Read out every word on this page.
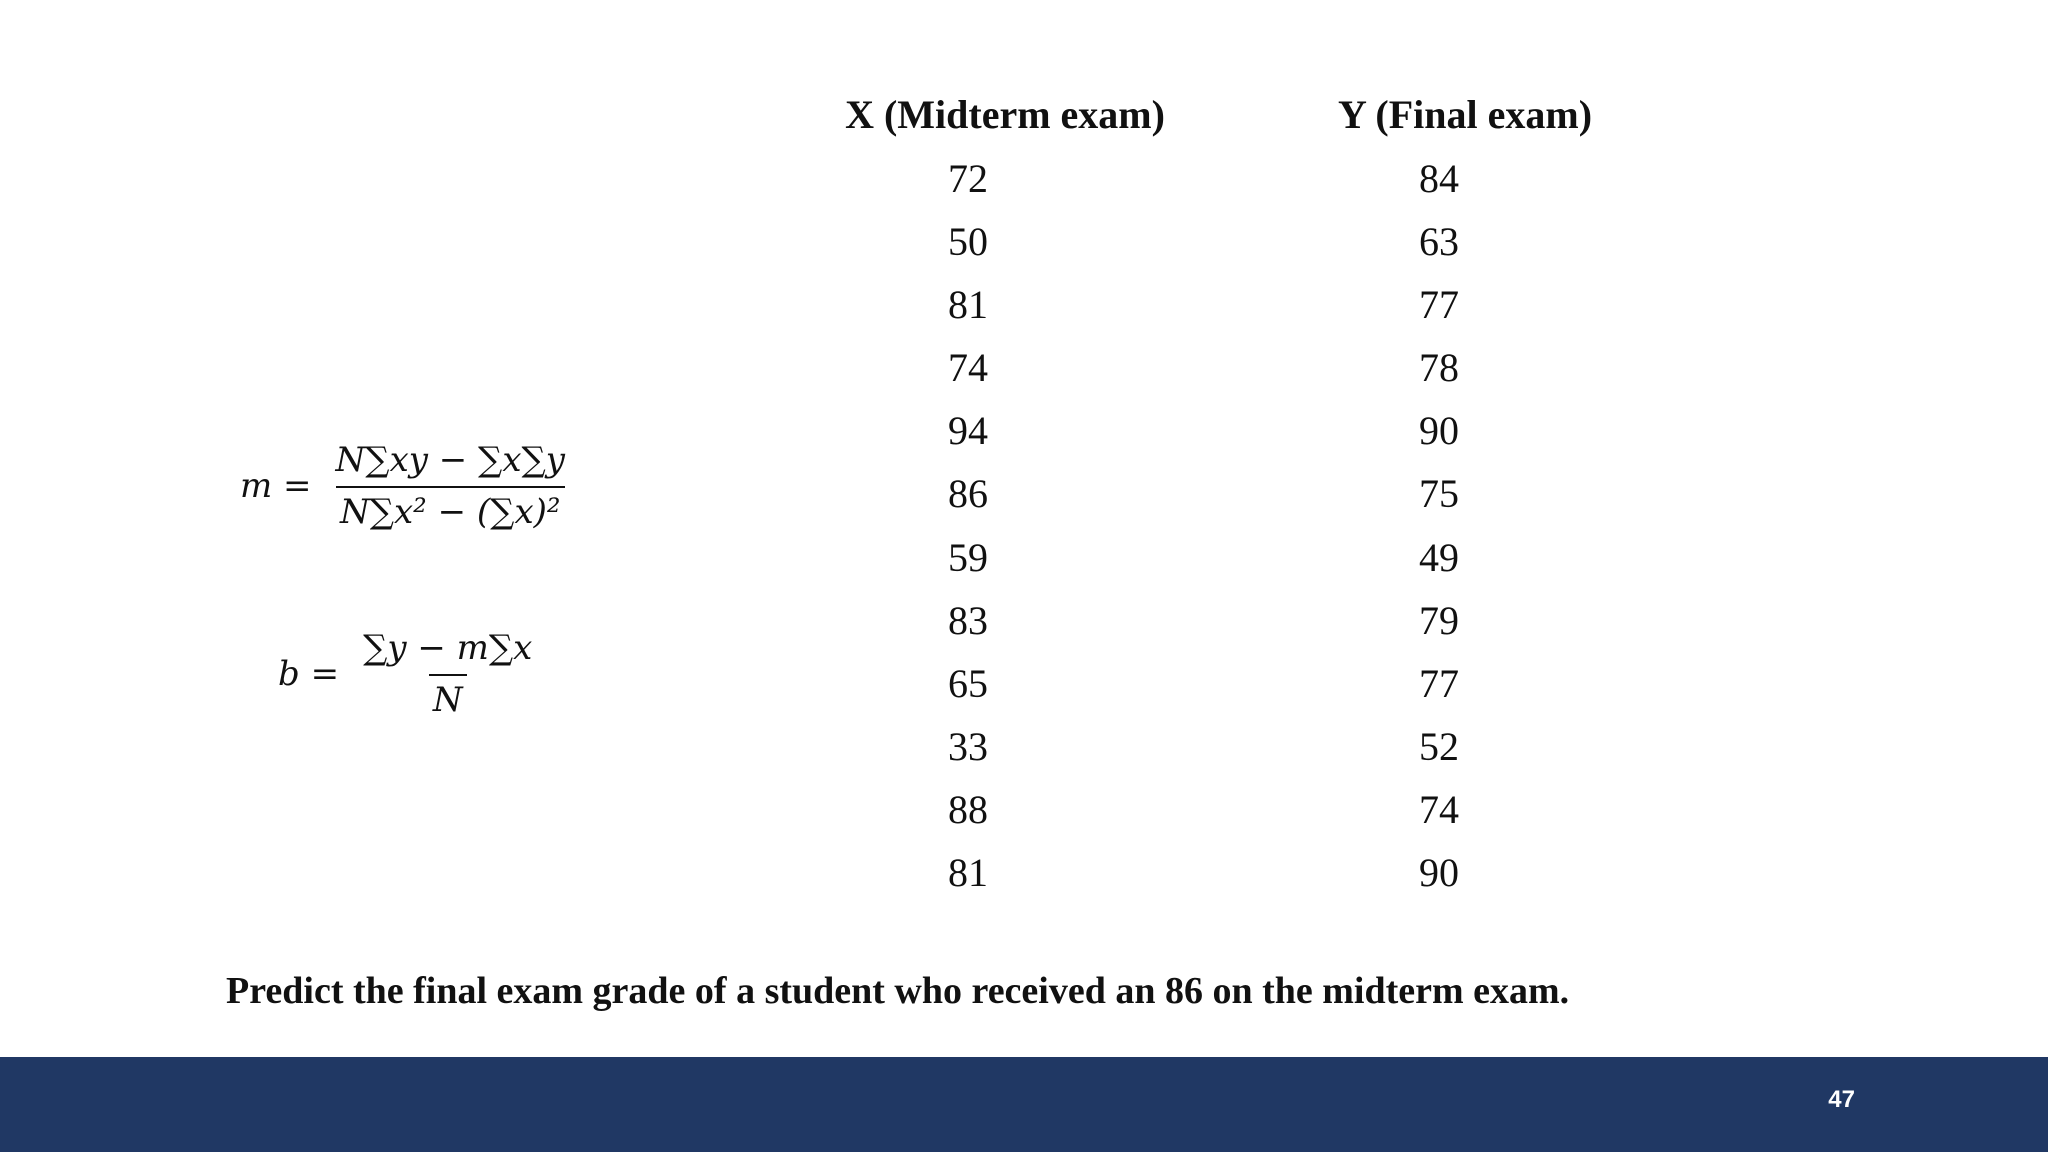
X (Midterm exam)	Y (Final exam)
72
50
81
74
94
86
59
83
65
33
88
81
84
63
77
78
90
75
49
79
77
52
74
90
$m = \frac{N\sum xy - \sum x\sum y}{\text{N∑x² − (∑x)²}}$
$b = \frac{\sum y - m\sum x}{N}$
Predict the final exam grade of a student who received an 86 on the midterm exam.
47
